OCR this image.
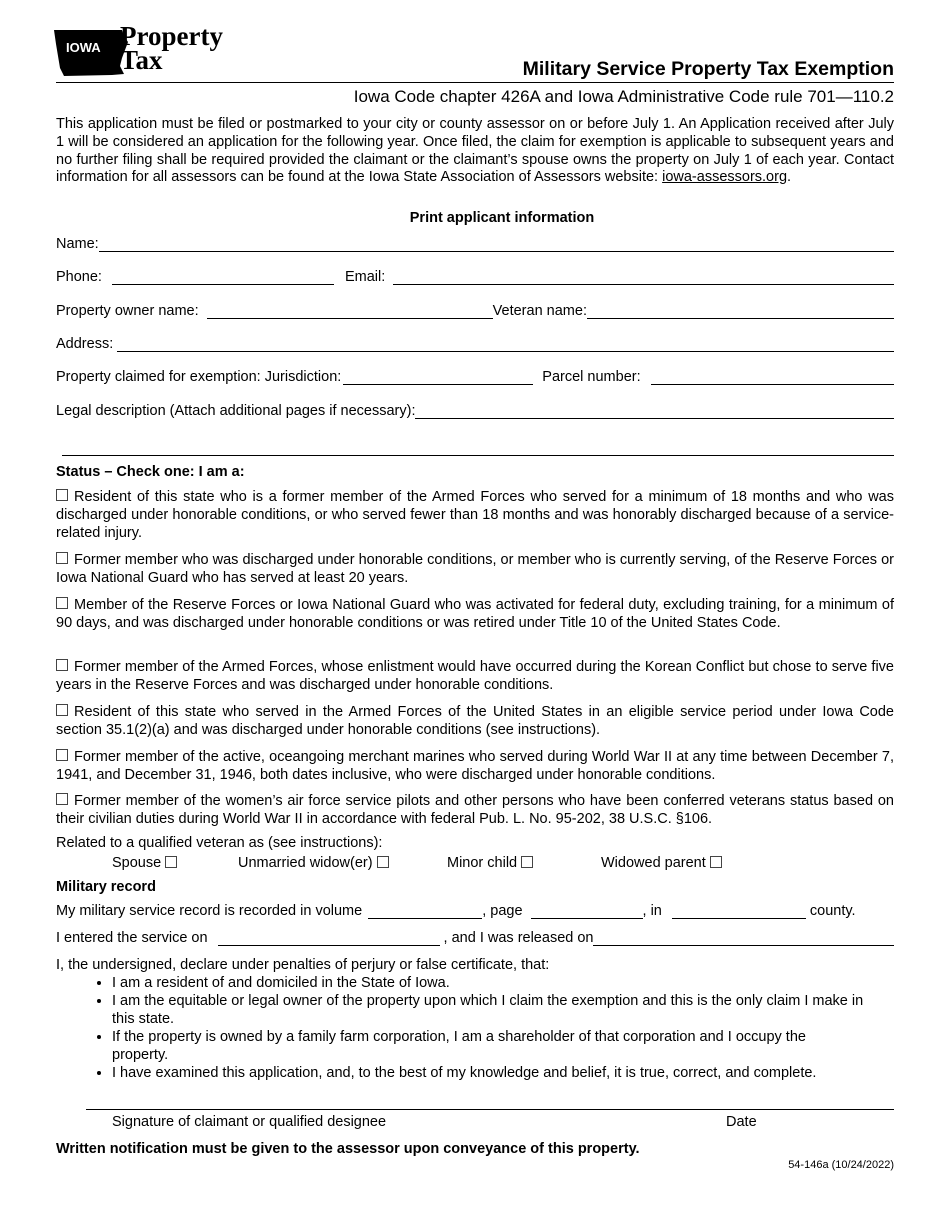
IOWA Property
Tax	Military Service Property Tax Exemption
Iowa Code chapter 426A and Iowa Administrative Code rule 701—110.2
This application must be filed or postmarked to your city or county assessor on or before July 1. An Application received after July 1 will be considered an application for the following year. Once filed, the claim for exemption is applicable to subsequent years and no further filing shall be required provided the claimant or the claimant’s spouse owns the property on July 1 of each year. Contact information for all assessors can be found at the Iowa State Association of Assessors website: iowa-assessors.org.
Print applicant information
Name:
Phone:	Email:
Property owner name:	Veteran name:
Address:
Property claimed for exemption: Jurisdiction:	Parcel number:
Legal description (Attach additional pages if necessary):
Status – Check one: I am a:
Resident of this state who is a former member of the Armed Forces who served for a minimum of 18 months and who was discharged under honorable conditions, or who served fewer than 18 months and was honorably discharged because of a service-related injury.
Former member who was discharged under honorable conditions, or member who is currently serving, of the Reserve Forces or Iowa National Guard who has served at least 20 years.
Member of the Reserve Forces or Iowa National Guard who was activated for federal duty, excluding training, for a minimum of 90 days, and was discharged under honorable conditions or was retired under Title 10 of the United States Code.
Former member of the Armed Forces, whose enlistment would have occurred during the Korean Conflict but chose to serve five years in the Reserve Forces and was discharged under honorable conditions.
Resident of this state who served in the Armed Forces of the United States in an eligible service period under Iowa Code section 35.1(2)(a) and was discharged under honorable conditions (see instructions).
Former member of the active, oceangoing merchant marines who served during World War II at any time between December 7, 1941, and December 31, 1946, both dates inclusive, who were discharged under honorable conditions.
Former member of the women’s air force service pilots and other persons who have been conferred veterans status based on their civilian duties during World War II in accordance with federal Pub. L. No. 95-202, 38 U.S.C. §106.
Related to a qualified veteran as (see instructions):
Spouse	Unmarried widow(er)	Minor child	Widowed parent
Military record
My military service record is recorded in volume	, page	, in	county.
I entered the service on	, and I was released on
I, the undersigned, declare under penalties of perjury or false certificate, that:
• I am a resident of and domiciled in the State of Iowa.
• I am the equitable or legal owner of the property upon which I claim the exemption and this is the only claim I make in this state.
• If the property is owned by a family farm corporation, I am a shareholder of that corporation and I occupy the property.
• I have examined this application, and, to the best of my knowledge and belief, it is true, correct, and complete.
Signature of claimant or qualified designee	Date
Written notification must be given to the assessor upon conveyance of this property.
54-146a (10/24/2022)
